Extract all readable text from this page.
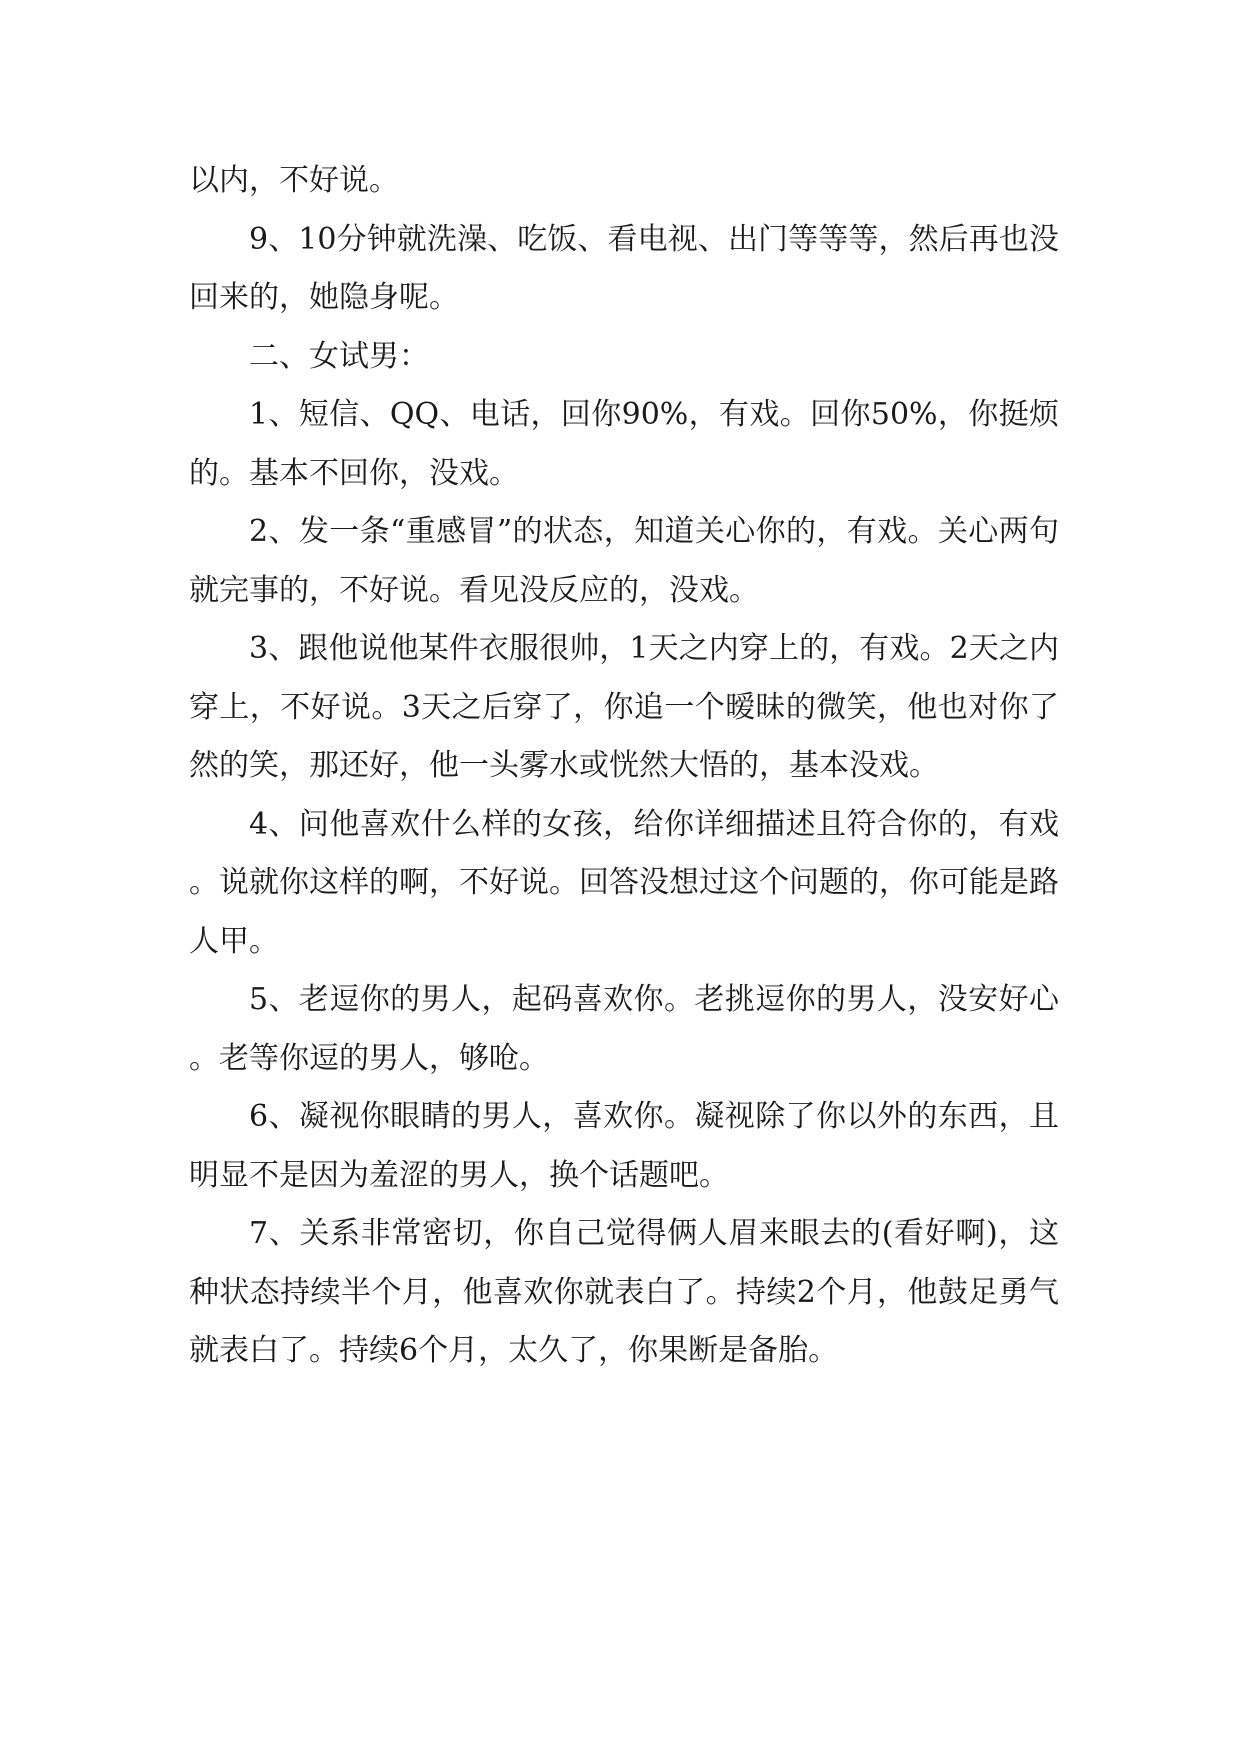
以内，不好说。

9、10分钟就洗澡、吃饭、看电视、出门等等等，然后再也没回来的，她隐身呢。

二、女试男：

1、短信、QQ、电话，回你90%，有戏。回你50%，你挺烦的。基本不回你，没戏。

2、发一条“重感冒”的状态，知道关心你的，有戏。关心两句就完事的，不好说。看见没反应的，没戏。

3、跟他说他某件衣服很帅，1天之内穿上的，有戏。2天之内穿上，不好说。3天之后穿了，你追一个暧昧的微笑，他也对你了然的笑，那还好，他一头雾水或恍然大悟的，基本没戏。

4、问他喜欢什么样的女孩，给你详细描述且符合你的，有戏。说就你这样的啊，不好说。回答没想过这个问题的，你可能是路人甲。

5、老逗你的男人，起码喜欢你。老挑逗你的男人，没安好心。老等你逗的男人，够呛。

6、凝视你眼睛的男人，喜欢你。凝视除了你以外的东西，且明显不是因为羞涩的男人，换个话题吧。

7、关系非常密切，你自己觉得俩人眉来眼去的(看好啊)，这种状态持续半个月，他喜欢你就表白了。持续2个月，他鼓足勇气就表白了。持续6个月，太久了，你果断是备胎。
